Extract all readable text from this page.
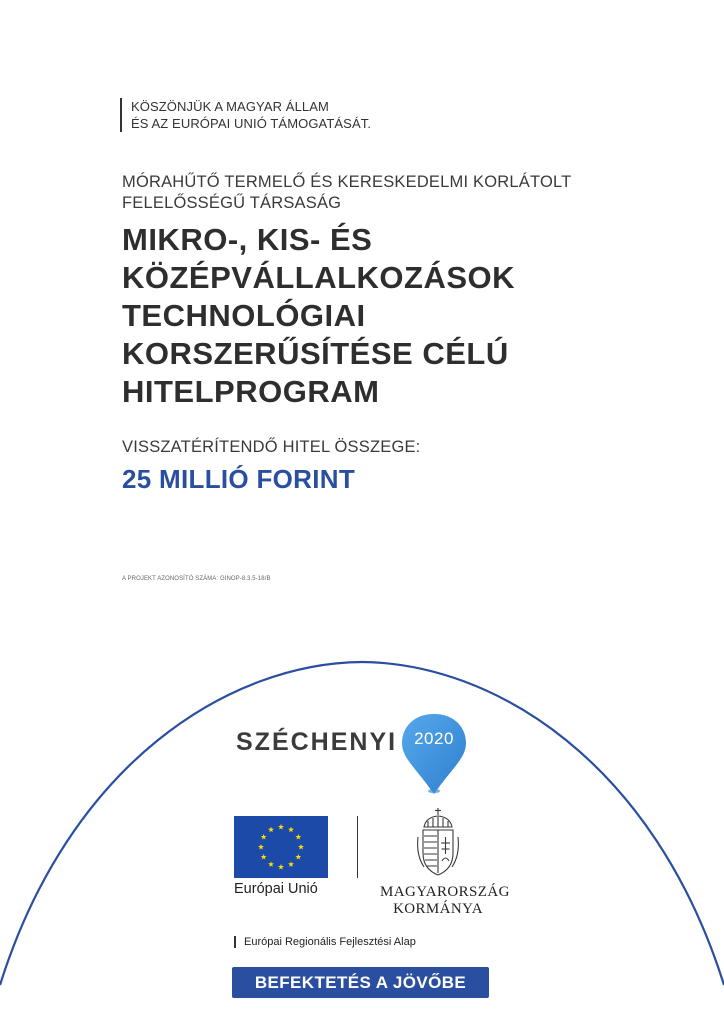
KÖSZÖNJÜK A MAGYAR ÁLLAM
ÉS AZ EURÓPAI UNIÓ TÁMOGATÁSÁT.
MÓRAHŰTŐ TERMELŐ ÉS KERESKEDELMI KORLÁTOLT
FELELŐSSÉGŰ TÁRSASÁG
MIKRO-, KIS- ÉS
KÖZÉPVÁLLALKOZÁSOK
TECHNOLÓGIAI
KORSZERŰSÍTÉSE CÉLÚ
HITELPROGRAM
VISSZATÉRÍTENDŐ HITEL ÖSSZEGE:
25 MILLIÓ FORINT
A PROJEKT AZONOSÍTÓ SZÁMA: GINOP-8.3.5-18/B
SZÉCHENYI 2020
Európai Unió	MAGYARORSZÁG
KORMÁNYA
Európai Regionális Fejlesztési Alap
BEFEKTETÉS A JÖVŐBE
